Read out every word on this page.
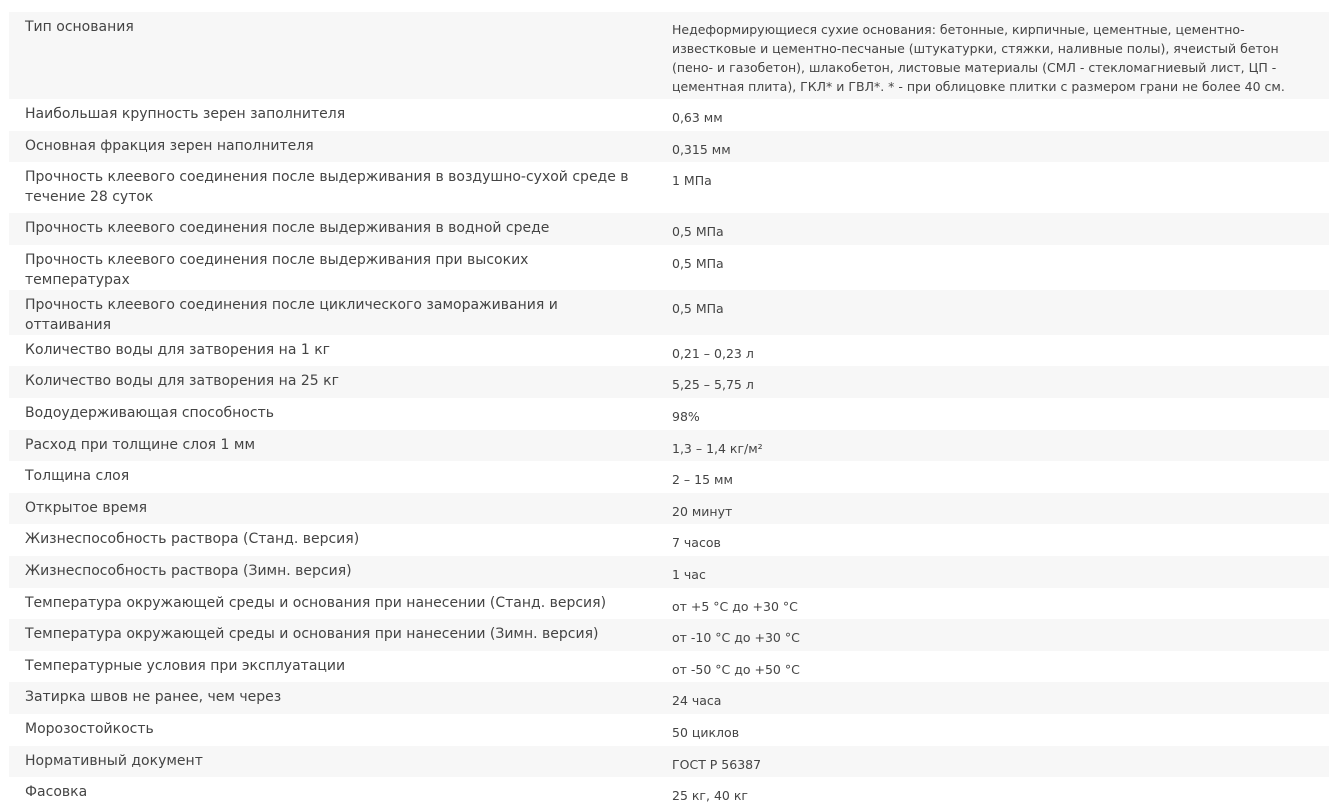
Тип основания	Недеформирующиеся сухие основания: бетонные, кирпичные, цементные, цементно-известковые и цементно-песчаные (штукатурки, стяжки, наливные полы), ячеистый бетон (пено- и газобетон), шлакобетон, листовые материалы (СМЛ - стекломагниевый лист, ЦП - цементная плита), ГКЛ* и ГВЛ*. * - при облицовке плитки с размером грани не более 40 см.
Наибольшая крупность зерен заполнителя	0,63 мм
Основная фракция зерен наполнителя	0,315 мм
Прочность клеевого соединения после выдерживания в воздушно-сухой среде в течение 28 суток	1 МПа
Прочность клеевого соединения после выдерживания в водной среде	0,5 МПа
Прочность клеевого соединения после выдерживания при высоких температурах	0,5 МПа
Прочность клеевого соединения после циклического замораживания и оттаивания	0,5 МПа
Количество воды для затворения на 1 кг	0,21 – 0,23 л
Количество воды для затворения на 25 кг	5,25 – 5,75 л
Водоудерживающая способность	98%
Расход при толщине слоя 1 мм	1,3 – 1,4 кг/м²
Толщина слоя	2 – 15 мм
Открытое время	20 минут
Жизнеспособность раствора (Станд. версия)	7 часов
Жизнеспособность раствора (Зимн. версия)	1 час
Температура окружающей среды и основания при нанесении (Станд. версия)	от +5 °С до +30 °С
Температура окружающей среды и основания при нанесении (Зимн. версия)	от -10 °С до +30 °С
Температурные условия при эксплуатации	от -50 °С до +50 °С
Затирка швов не ранее, чем через	24 часа
Морозостойкость	50 циклов
Нормативный документ	ГОСТ Р 56387
Фасовка	25 кг, 40 кг
